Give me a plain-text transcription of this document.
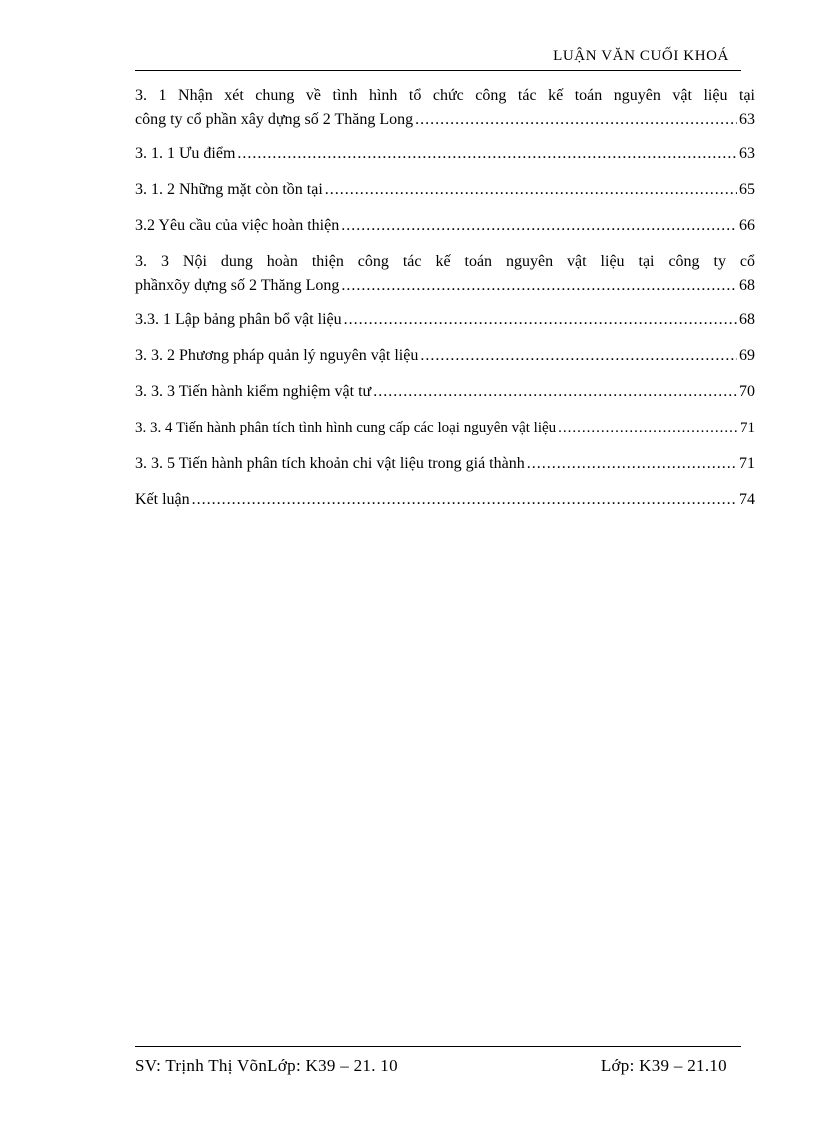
LUẬN VĂN CUỐI KHOÁ
3. 1 Nhận xét chung về tình hình tổ chức công tác kế toán nguyên vật liệu tại
công ty cổ phần xây dựng số 2 Thăng Long .....	63
3. 1. 1 Ưu điểm .....	63
3. 1. 2 Những mặt còn tồn tại .....	65
3.2 Yêu cầu của việc hoàn thiện .....	66
3. 3 Nội dung hoàn thiện công tác kế toán nguyên vật liệu tại công ty cổ
phầnxõy dựng số 2 Thăng Long .....	68
3.3. 1 Lập bảng phân bổ vật liệu .....	68
3. 3. 2 Phương pháp quản lý nguyên vật liệu .....	69
3. 3. 3 Tiến hành kiểm nghiệm vật tư .....	70
3. 3. 4 Tiến hành phân tích tình hình cung cấp các loại nguyên vật liệu .....	71
3. 3. 5 Tiến hành phân tích khoản chi vật liệu trong giá thành .....	71
Kết luận .....	74
SV: Trịnh Thị VõnLớp: K39 – 21. 10	Lớp: K39 – 21.10
